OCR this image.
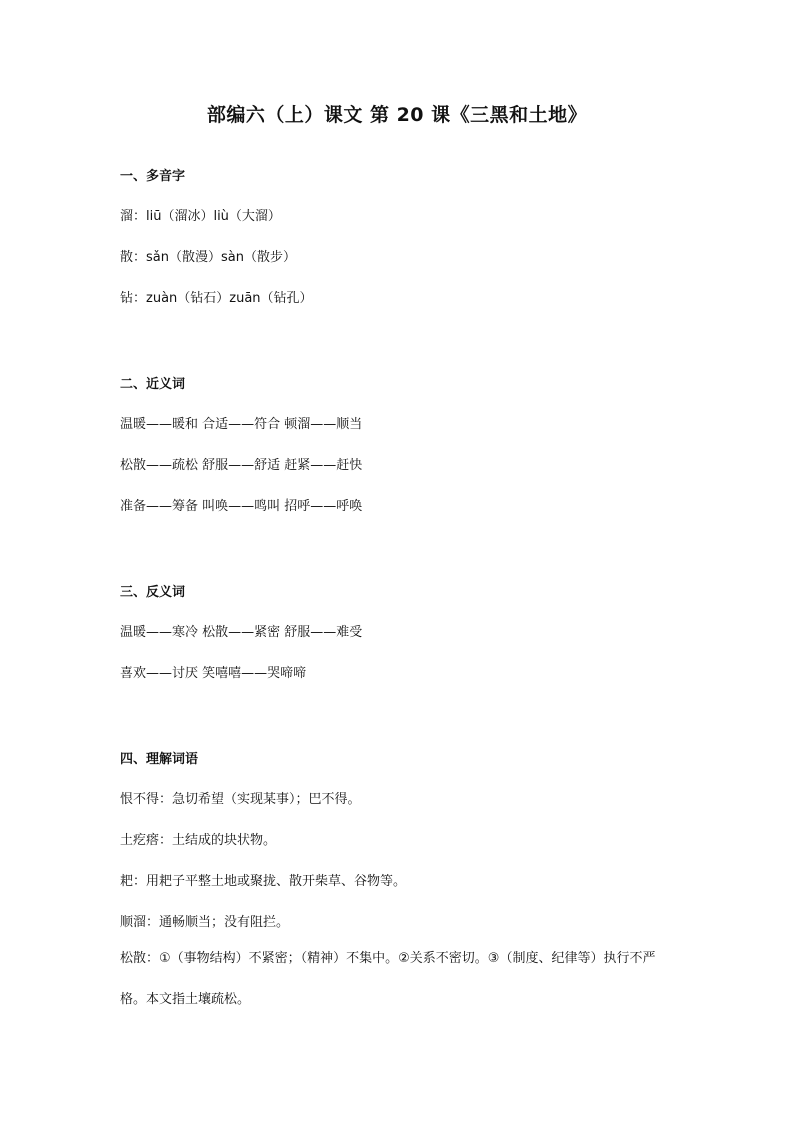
部编六（上）课文 第 20 课《三黑和土地》
一、多音字
溜：liū（溜冰）liù（大溜）
散：sǎn（散漫）sàn（散步）
钻：zuàn（钻石）zuān（钻孔）
二、近义词
温暖——暖和 合适——符合 顿溜——顺当
松散——疏松 舒服——舒适 赶紧——赶快
准备——筹备 叫唤——鸣叫 招呼——呼唤
三、反义词
温暖——寒冷 松散——紧密 舒服——难受
喜欢——讨厌 笑嘻嘻——哭啼啼
四、理解词语
恨不得：急切希望（实现某事）；巴不得。
土疙瘩：土结成的块状物。
耙：用耙子平整土地或聚拢、散开柴草、谷物等。
顺溜：通畅顺当；没有阻拦。
松散：①（事物结构）不紧密；（精神）不集中。②关系不密切。③（制度、纪律等）执行不严格。本文指土壤疏松。
